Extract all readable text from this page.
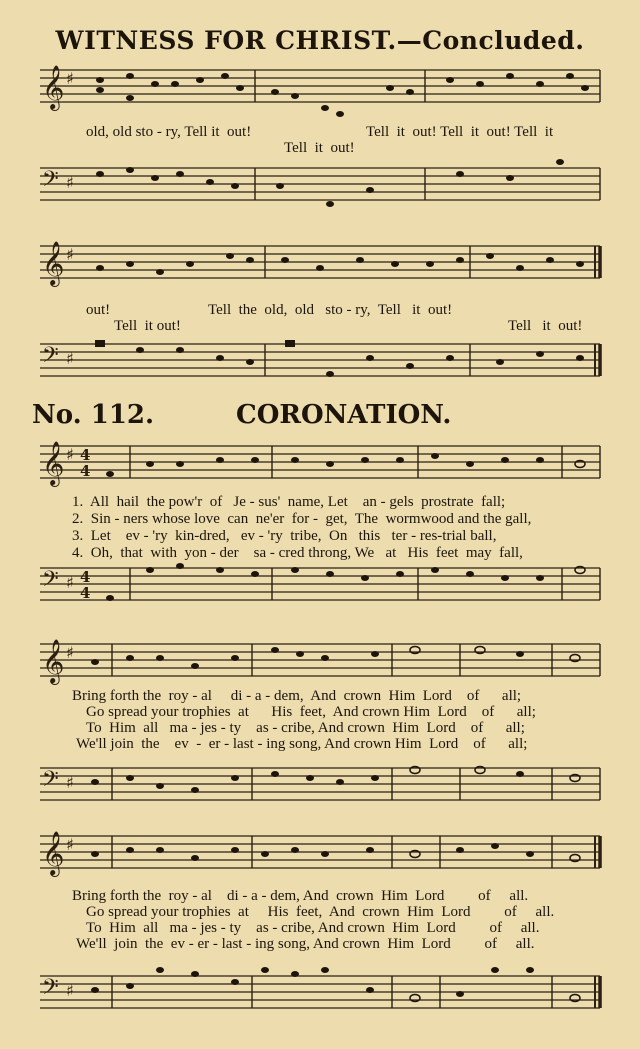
WITNESS FOR CHRIST.—Concluded.
𝄞 ♯
𝄢 ♯
𝄞 ♯
𝄢 ♯
𝄞 ♯ 4
4
𝄢 ♯ 4
4
𝄞 ♯
𝄢 ♯
𝄞 ♯
𝄢 ♯
old, old sto - ry, Tell it  out!	Tell  it  out! Tell  it  out! Tell  it
Tell  it  out!
out!	Tell  the  old,  old   sto - ry,  Tell   it  out!
Tell  it out!	Tell   it  out!
No. 112.	CORONATION.
1.  All  hail  the pow'r  of   Je - sus'  name, Let    an - gels  prostrate  fall;
2.  Sin - ners whose love  can  ne'er  for -  get,  The  wormwood and the gall,
3.  Let    ev - 'ry  kin-dred,   ev - 'ry  tribe,  On   this   ter - res-trial ball,
4.  Oh,  that  with  yon - der    sa - cred throng, We   at   His  feet  may  fall,
Bring forth the  roy - al     di - a - dem,  And  crown  Him  Lord    of      all;
Go spread your trophies  at      His  feet,  And crown Him  Lord    of      all;
To  Him  all   ma - jes - ty    as - cribe, And crown  Him  Lord    of      all;
We'll join  the    ev  -  er - last - ing song, And crown Him  Lord    of      all;
Bring forth the  roy - al    di - a - dem, And  crown  Him  Lord         of     all.
Go spread your trophies  at     His  feet,  And  crown  Him  Lord         of     all.
To  Him  all   ma - jes - ty    as - cribe, And crown  Him  Lord         of     all.
We'll  join  the  ev - er - last - ing song, And crown  Him  Lord         of     all.
